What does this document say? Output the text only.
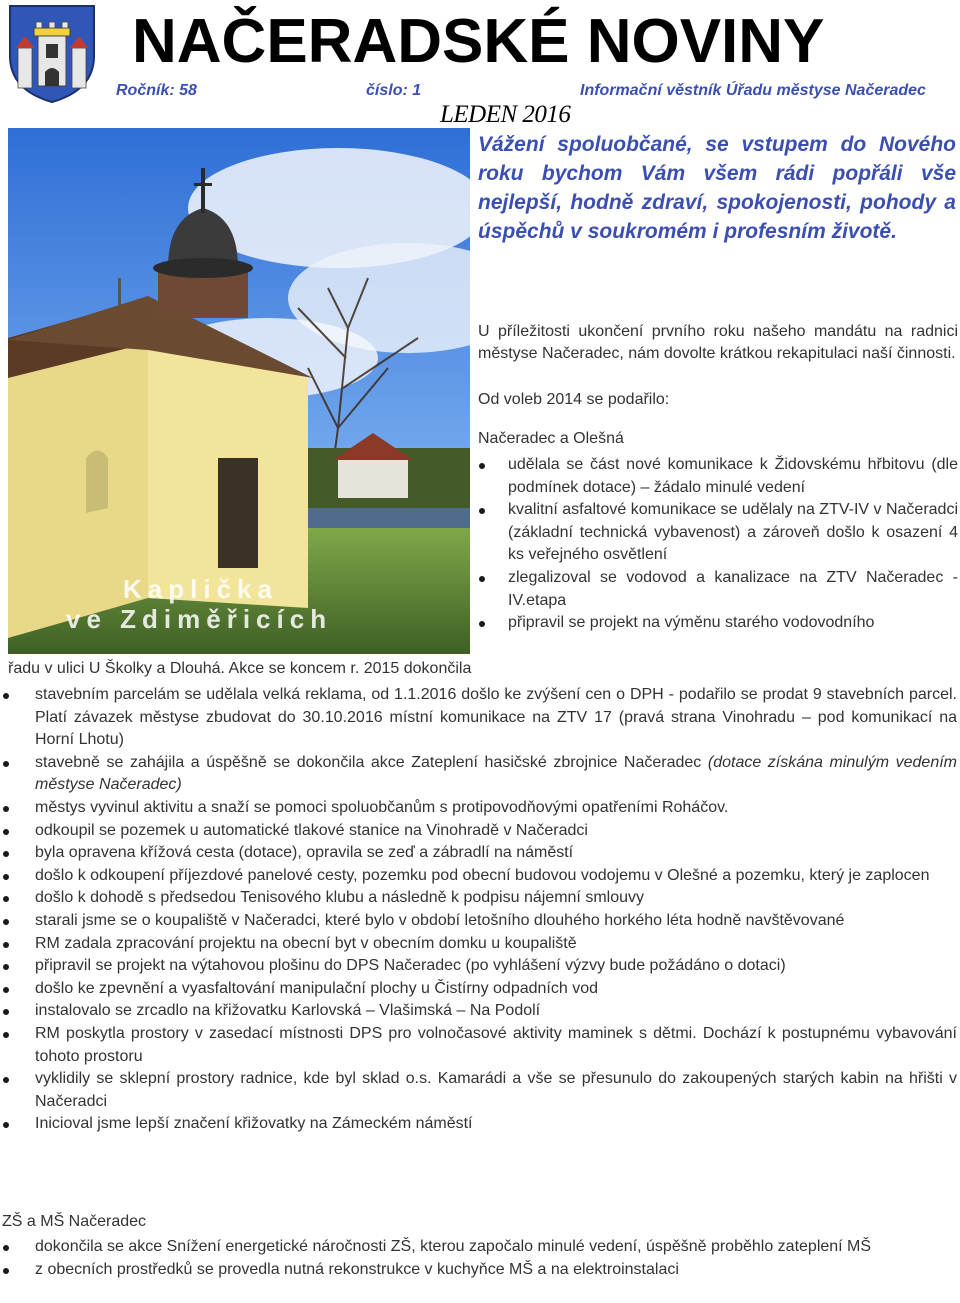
NAČERADSKÉ NOVINY
Ročník: 58	číslo: 1	Informační věstník Úřadu městyse Načeradec
LEDEN 2016
Kaplička
ve Zdiměřicích

Vážení spoluobčané, se vstupem do Nového roku bychom Vám všem rádi popřáli vše nejlepší, hodně zdraví, spokojenosti, pohody a úspěchů v soukromém i profesním životě.

U příležitosti ukončení prvního roku našeho mandátu na radnici městyse Načeradec, nám dovolte krátkou rekapitulaci naší činnosti.

Od voleb 2014 se podařilo:

Načeradec a Olešná

udělala se část nové komunikace k Židovskému hřbitovu (dle podmínek dotace) – žádalo minulé vedení
kvalitní asfaltové komunikace se udělaly na ZTV-IV v Načeradci (základní technická vybavenost) a zároveň došlo k osazení 4 ks veřejného osvětlení
zlegalizoval se vodovod a kanalizace na ZTV Načeradec - IV.etapa
připravil se projekt na výměnu starého vodovodního

řadu v ulici U Školky a Dlouhá. Akce se koncem r. 2015 dokončila

stavebním parcelám se udělala velká reklama, od 1.1.2016 došlo ke zvýšení cen o DPH - podařilo se prodat 9 stavebních parcel. Platí závazek městyse zbudovat do 30.10.2016 místní komunikace na ZTV 17 (pravá strana Vinohradu – pod komunikací na Horní Lhotu)
stavebně se zahájila a úspěšně se dokončila akce Zateplení hasičské zbrojnice Načeradec (dotace získána minulým vedením městyse Načeradec)
městys vyvinul aktivitu a snaží se pomoci spoluobčanům s protipovodňovými opatřeními Roháčov.
odkoupil se pozemek u automatické tlakové stanice na Vinohradě v Načeradci
byla opravena křížová cesta (dotace), opravila se zeď a zábradlí na náměstí
došlo k odkoupení příjezdové panelové cesty, pozemku pod obecní budovou vodojemu v Olešné a pozemku, který je zaplocen
došlo k dohodě s předsedou Tenisového klubu a následně k podpisu nájemní smlouvy
starali jsme se o koupaliště v Načeradci, které bylo v období letošního dlouhého horkého léta hodně navštěvované
RM zadala zpracování projektu na obecní byt v obecním domku u koupaliště
připravil se projekt na výtahovou plošinu do DPS Načeradec (po vyhlášení výzvy bude požádáno o dotaci)
došlo ke zpevnění a vyasfaltování manipulační plochy u Čistírny odpadních vod
instalovalo se zrcadlo na křižovatku Karlovská – Vlašimská – Na Podolí
RM poskytla prostory v zasedací místnosti DPS pro volnočasové aktivity maminek s dětmi. Dochází k postupnému vybavování tohoto prostoru
vyklidily se sklepní prostory radnice, kde byl sklad o.s. Kamarádi a vše se přesunulo do zakoupených starých kabin na hřišti v Načeradci
Inicioval jsme lepší značení křižovatky na Zámeckém náměstí

ZŠ a MŠ Načeradec

dokončila se akce Snížení energetické náročnosti ZŠ, kterou započalo minulé vedení, úspěšně proběhlo zateplení MŠ
z obecních prostředků se provedla nutná rekonstrukce v kuchyňce MŠ a na elektroinstalaci
